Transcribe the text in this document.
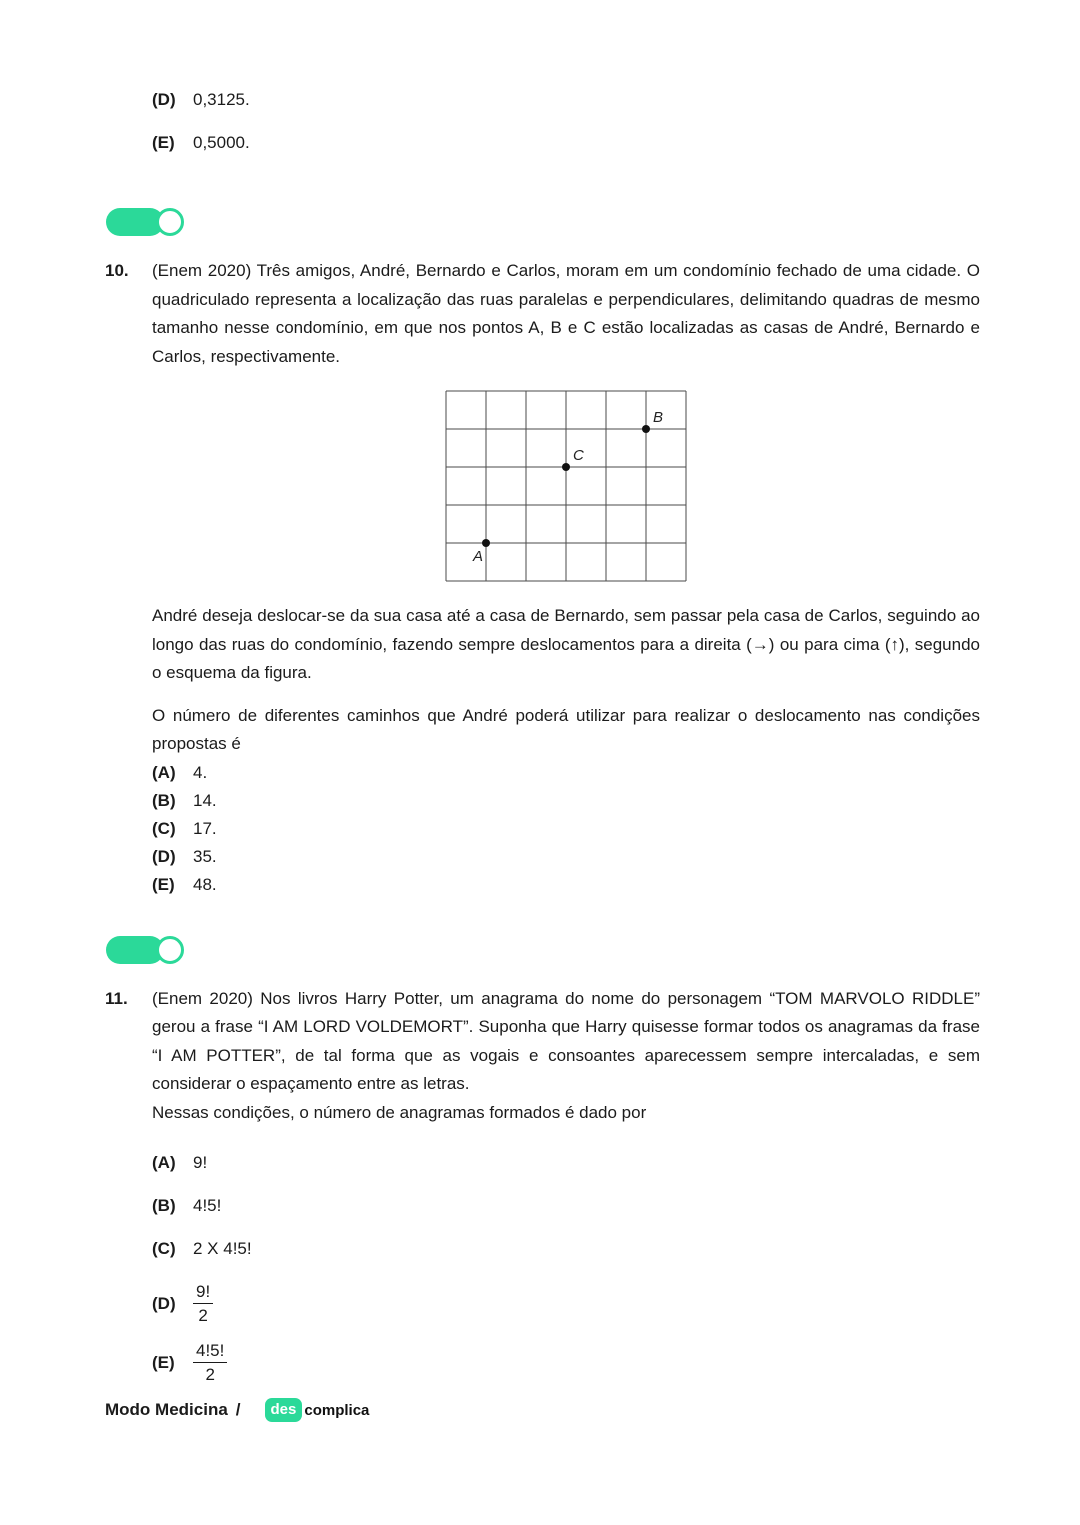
(D)	0,3125.
(E)	0,5000.
10.	(Enem 2020) Três amigos, André, Bernardo e Carlos, moram em um condomínio fechado de uma cidade. O quadriculado representa a localização das ruas paralelas e perpendiculares, delimitando quadras de mesmo tamanho nesse condomínio, em que nos pontos A, B e C estão localizadas as casas de André, Bernardo e Carlos, respectivamente.

A
C
B

André deseja deslocar-se da sua casa até a casa de Bernardo, sem passar pela casa de Carlos, seguindo ao longo das ruas do condomínio, fazendo sempre deslocamentos para a direita (→) ou para cima (↑), segundo o esquema da figura.

O número de diferentes caminhos que André poderá utilizar para realizar o deslocamento nas condições propostas é

(A)	4.
(B)	14.
(C)	17.
(D)	35.
(E)	48.
11.	(Enem 2020) Nos livros Harry Potter, um anagrama do nome do personagem “TOM MARVOLO RIDDLE” gerou a frase “I AM LORD VOLDEMORT”. Suponha que Harry quisesse formar todos os anagramas da frase “I AM POTTER”, de tal forma que as vogais e consoantes aparecessem sempre intercaladas, e sem considerar o espaçamento entre as letras.

Nessas condições, o número de anagramas formados é dado por

(A)	9!
(B)	4!5!
(C)	2 X 4!5!
(D)	$\frac{9!}{2}$
(E)	$\frac{4!5!}{2}$
Modo Medicina /	des complica
